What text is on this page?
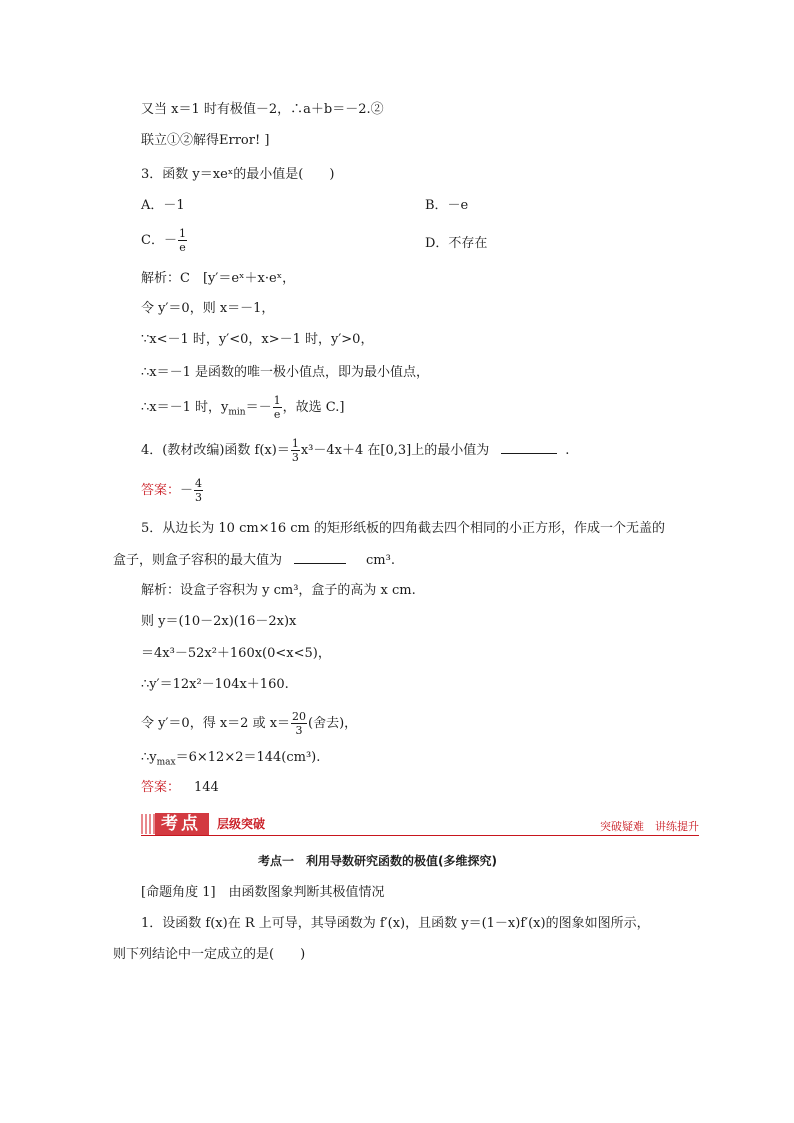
又当 x＝1 时有极值－2，∴a＋b＝－2.②
联立①②解得Error! ]
3．函数 y＝xeˣ的最小值是(　　)
A．－1	B．－e
C．－ $\frac{1}{e}$	D．不存在
解析：C　[y′＝eˣ＋x·eˣ，
令 y′＝0，则 x＝－1，
∵x<－1 时，y′<0，x>－1 时，y′>0，
∴x＝－1 是函数的唯一极小值点，即为最小值点，
∴x＝－1 时，$y_{min}=- \frac{1}{e}$ ，故选 C.]
4．(教材改编)函数 $f(x)= \frac{1}{3} x^3-4x+4$ 在[0,3]上的最小值为	.
答案：－ $\frac{4}{3}$
5．从边长为 10 cm×16 cm 的矩形纸板的四角截去四个相同的小正方形，作成一个无盖的
盒子，则盒子容积的最大值为	cm³.
解析：设盒子容积为 y cm³，盒子的高为 x cm.
则 y＝(10－2x)(16－2x)x
＝4x³－52x²＋160x(0<x<5)，
∴y′＝12x²－104x＋160.
令 y′＝0，得 x＝2 或 $x= \frac{20}{3}$ (舍去)，
$\therefore y_{max}=6\times 12\times 2=144(cm^3)$.
答案： 144
考点	层级突破	突破疑难　讲练提升
考点一　利用导数研究函数的极值(多维探究)
[命题角度 1]　由函数图象判断其极值情况
1．设函数 f(x)在 R 上可导，其导函数为 f′(x)，且函数 y＝(1－x)f′(x)的图象如图所示，
则下列结论中一定成立的是(　　)
